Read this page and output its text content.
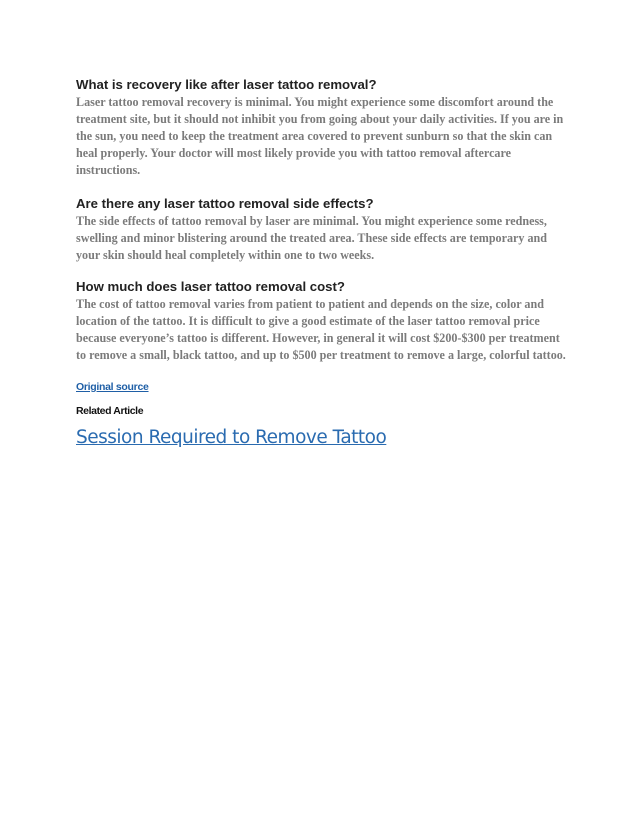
What is recovery like after laser tattoo removal?

Laser tattoo removal recovery is minimal. You might experience some discomfort around the treatment site, but it should not inhibit you from going about your daily activities. If you are in the sun, you need to keep the treatment area covered to prevent sunburn so that the skin can heal properly. Your doctor will most likely provide you with tattoo removal aftercare instructions.

Are there any laser tattoo removal side effects?

The side effects of tattoo removal by laser are minimal. You might experience some redness, swelling and minor blistering around the treated area. These side effects are temporary and your skin should heal completely within one to two weeks.

How much does laser tattoo removal cost?

The cost of tattoo removal varies from patient to patient and depends on the size, color and location of the tattoo. It is difficult to give a good estimate of the laser tattoo removal price because everyone’s tattoo is different. However, in general it will cost $200-$300 per treatment to remove a small, black tattoo, and up to $500 per treatment to remove a large, colorful tattoo.

Original source
Related Article
Session Required to Remove Tattoo
